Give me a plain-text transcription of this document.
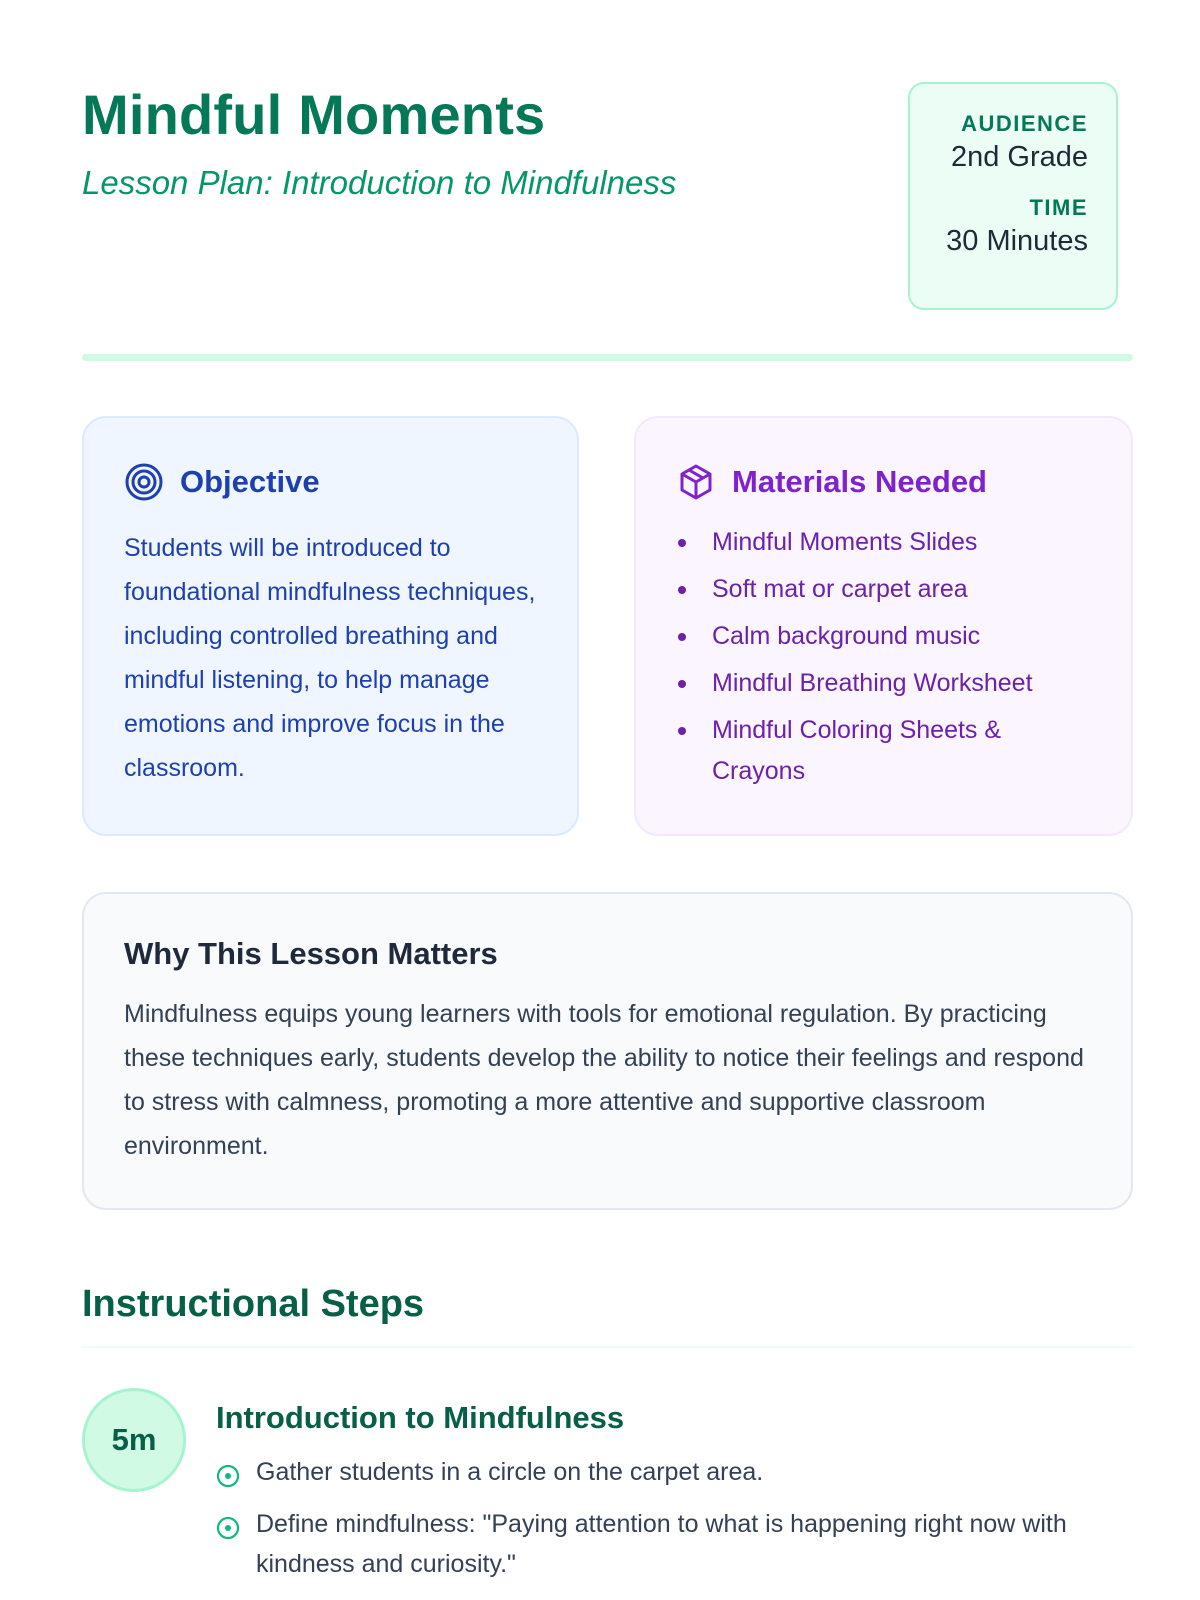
Mindful Moments

Lesson Plan: Introduction to Mindfulness

AUDIENCE
2nd Grade
TIME
30 Minutes
Objective

Students will be introduced to foundational mindfulness techniques, including controlled breathing and mindful listening, to help manage emotions and improve focus in the classroom.

Materials Needed
Mindful Moments Slides
Soft mat or carpet area
Calm background music
Mindful Breathing Worksheet
Mindful Coloring Sheets & Crayons
Why This Lesson Matters

Mindfulness equips young learners with tools for emotional regulation. By practicing these techniques early, students develop the ability to notice their feelings and respond to stress with calmness, promoting a more attentive and supportive classroom environment.

Instructional Steps
5m
Introduction to Mindfulness
Gather students in a circle on the carpet area.
Define mindfulness: "Paying attention to what is happening right now with kindness and curiosity."
